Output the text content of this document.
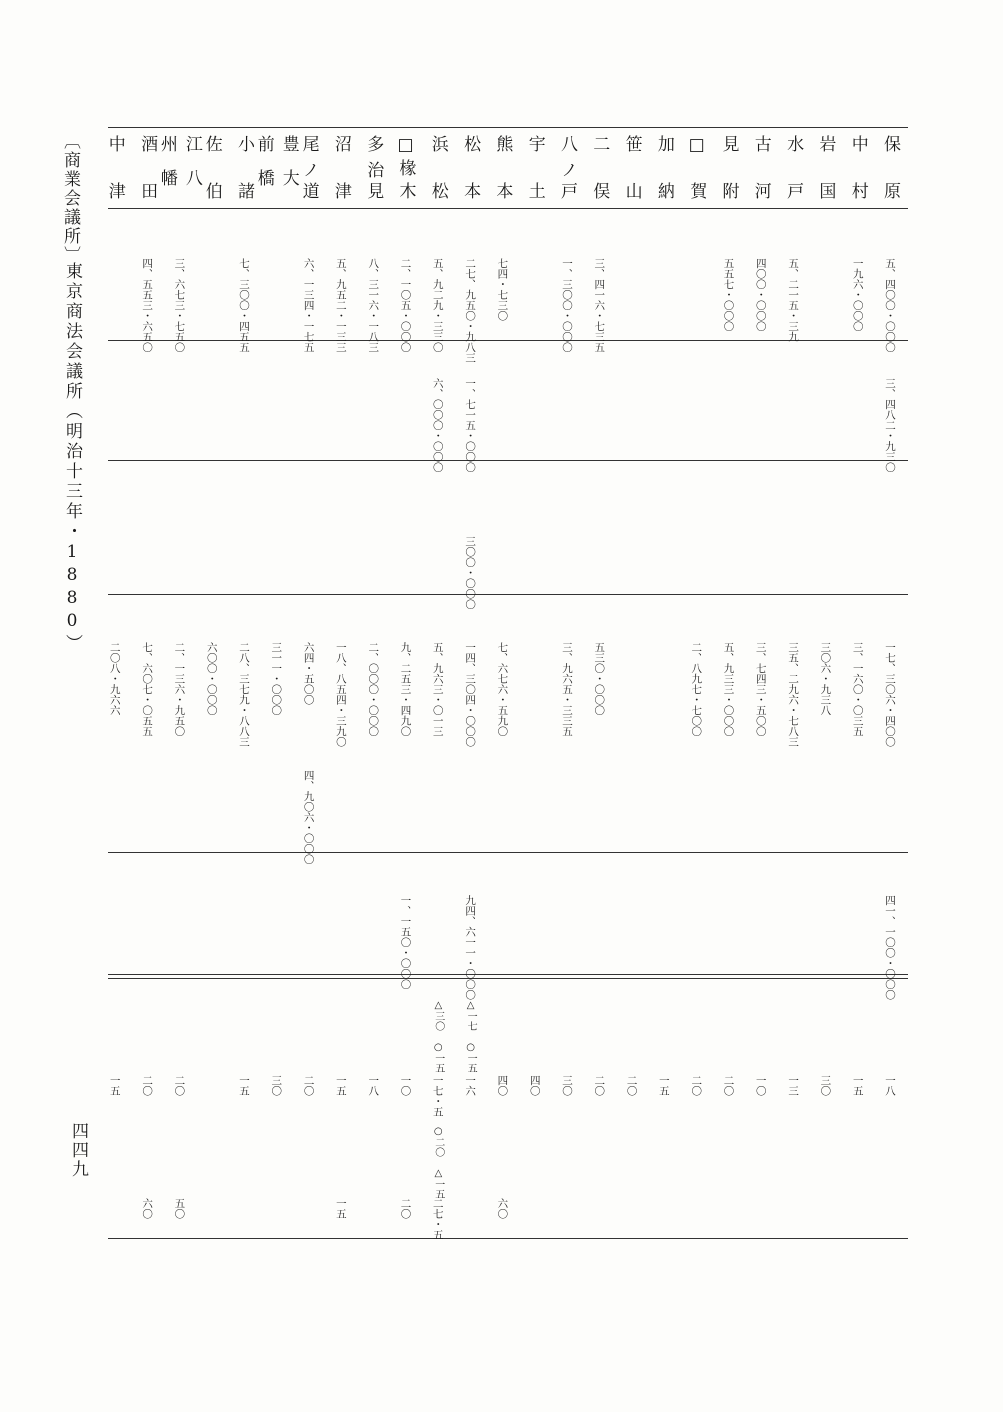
〔商業会議所〕
東京商法会議所（明治十三年・1880）
四四九
保
原
五、四〇〇・〇〇〇
三、四八二・九三〇
一七、三〇六・四〇〇
四一、一〇〇・〇〇〇
一八
中
村
一九六・〇〇〇
三、一六〇・〇三五
一五
岩
国
三〇六・九三八
三〇
水
戸
五、二一五・三九
三五、二九六・七八三
一三
古
河
四〇〇・〇〇〇
三、七四三・五〇〇
一〇
見
附
五五七・〇〇〇
五、九三三・〇〇〇
二〇
□
賀
二、八九七・七〇〇
二〇
加
納
一五
笹
山
二〇
二
俣
三、四一六・七三五
五三〇・〇〇〇
二〇
八
ノ戸
一、三〇〇・〇〇〇
三、九六五・三三五
三〇
宇
土
四〇
熊
本
七四・七三〇
七、六七六・五九〇
四〇
六〇
松
本
二七、九五〇・九八三
一、七一五・〇〇〇
三〇〇・〇〇〇
一四、三〇四・〇〇〇
九四、六一一・〇〇〇
△一七 ○一五
一六
浜
松
五、九二九・三三〇
六、〇〇〇・〇〇〇
五、九六三・〇一三
△三〇 ○一五
一七・五
○二〇 △一五
二七・五
□椽
木
二、一〇五・〇〇〇
九、二五三・四九〇
一、一五〇・〇〇〇
一〇
二〇
多
治見
八、三一六・一八三
二、〇〇〇・〇〇〇
一八
沼
津
五、九五二・一三三
一八、八五四・三九〇
一五
一五
尾
ノ道
六、一三四・一七五
六四・五〇〇
四、九〇六・〇〇〇
二〇
豊前
大橋
三一一・〇〇〇
三〇
小
諸
七、三〇〇・四五五
二八、三七九・八八三
一五
佐
伯
六〇〇・〇〇〇
江州
八幡
三、六七三・七五〇
二、一三六・九五〇
二〇
五〇
酒
田
四、五五三・六五〇
七、六〇七・〇五五
二〇
六〇
中
津
二〇八・九六六
一五
